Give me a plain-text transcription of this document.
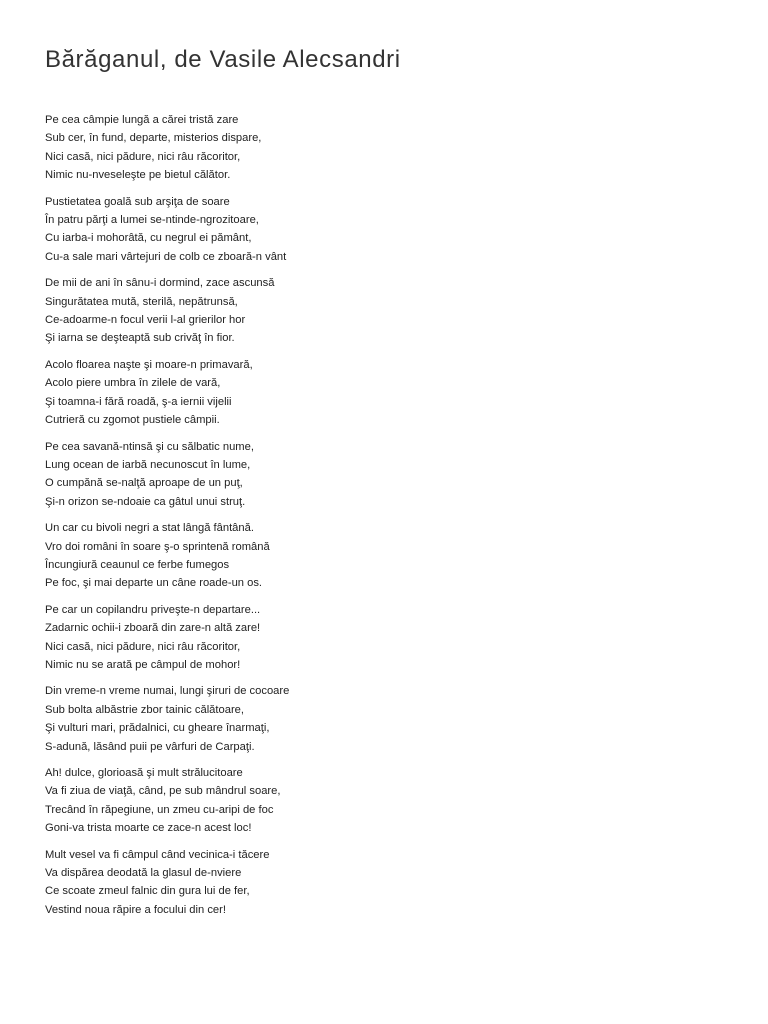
Bărăganul, de Vasile Alecsandri
Pe cea câmpie lungă a cărei tristă zare
Sub cer, în fund, departe, misterios dispare,
Nici casă, nici pădure, nici râu răcoritor,
Nimic nu-nveseleşte pe bietul călător.
Pustietatea goală sub arşiţa de soare
În patru părţi a lumei se-ntinde-ngrozitoare,
Cu iarba-i mohorâtă, cu negrul ei pământ,
Cu-a sale mari vârtejuri de colb ce zboară-n vânt
De mii de ani în sânu-i dormind, zace ascunsă
Singurătatea mută, sterilă, nepătrunsă,
Ce-adoarme-n focul verii l-al grierilor hor
Şi iarna se deşteaptă sub crivăţ în fior.
Acolo floarea naşte şi moare-n primavară,
Acolo piere umbra în zilele de vară,
Şi toamna-i fără roadă, ş-a iernii vijelii
Cutrieră cu zgomot pustiele câmpii.
Pe cea savană-ntinsă şi cu sălbatic nume,
Lung ocean de iarbă necunoscut în lume,
O cumpănă se-nalţă aproape de un puţ,
Şi-n orizon se-ndoaie ca gâtul unui struţ.
Un car cu bivoli negri a stat lângă fântână.
Vro doi români în soare ş-o sprintenă română
Încungiură ceaunul ce ferbe fumegos
Pe foc, şi mai departe un câne roade-un os.
Pe car un copilandru priveşte-n departare...
Zadarnic ochii-i zboară din zare-n altă zare!
Nici casă, nici pădure, nici râu răcoritor,
Nimic nu se arată pe câmpul de mohor!
Din vreme-n vreme numai, lungi şiruri de cocoare
Sub bolta albăstrie zbor tainic călătoare,
Şi vulturi mari, prădalnici, cu gheare înarmaţi,
S-adună, lăsând puii pe vârfuri de Carpaţi.
Ah! dulce, glorioasă şi mult strălucitoare
Va fi ziua de viaţă, când, pe sub mândrul soare,
Trecând în răpegiune, un zmeu cu-aripi de foc
Goni-va trista moarte ce zace-n acest loc!
Mult vesel va fi câmpul când vecinica-i tăcere
Va dispărea deodată la glasul de-nviere
Ce scoate zmeul falnic din gura lui de fer,
Vestind noua răpire a focului din cer!
